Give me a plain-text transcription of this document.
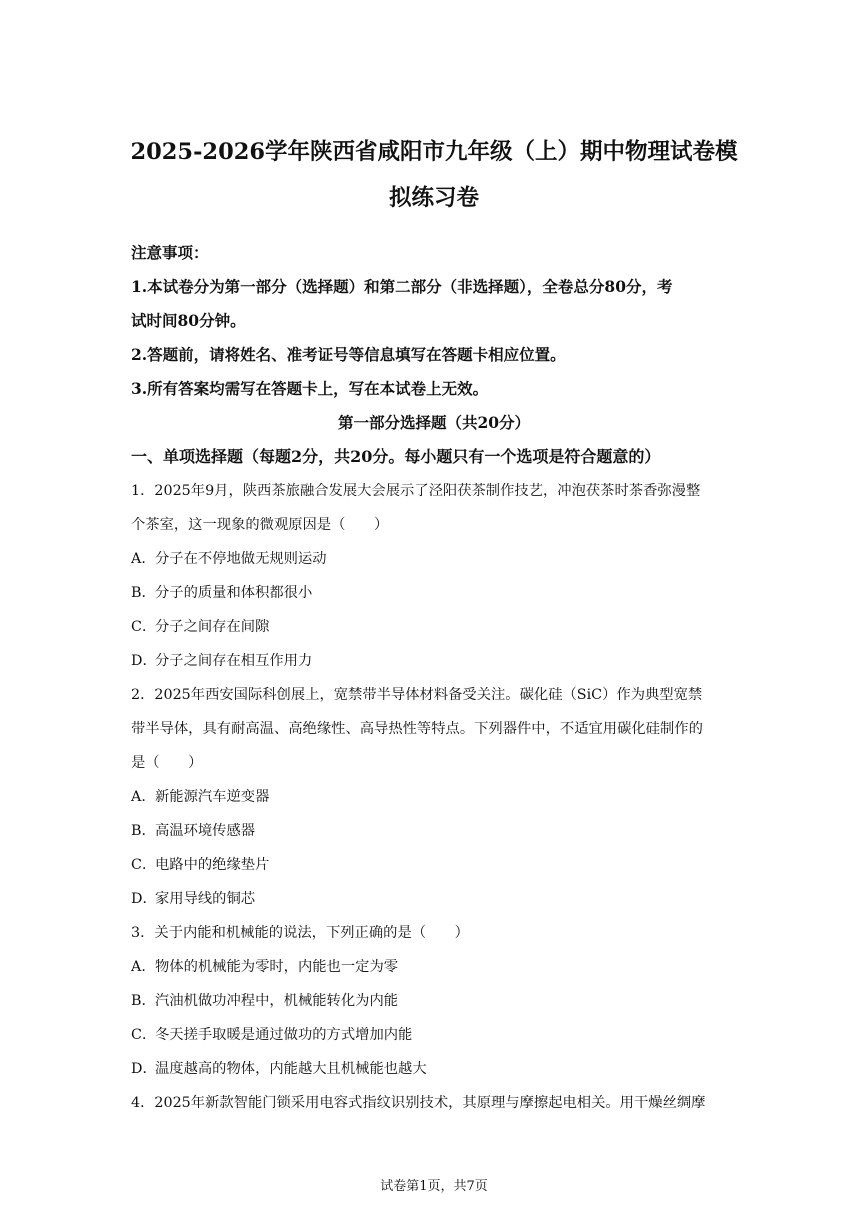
2025-2026学年陕西省咸阳市九年级（上）期中物理试卷模
拟练习卷
注意事项：
1.本试卷分为第一部分（选择题）和第二部分（非选择题），全卷总分80分，考
试时间80分钟。
2.答题前，请将姓名、准考证号等信息填写在答题卡相应位置。
3.所有答案均需写在答题卡上，写在本试卷上无效。
第一部分选择题（共20分）
一、单项选择题（每题2分，共20分。每小题只有一个选项是符合题意的）
1．2025年9月，陕西茶旅融合发展大会展示了泾阳茯茶制作技艺，冲泡茯茶时茶香弥漫整
个茶室，这一现象的微观原因是（　　）
A．分子在不停地做无规则运动
B．分子的质量和体积都很小
C．分子之间存在间隙
D．分子之间存在相互作用力
2．2025年西安国际科创展上，宽禁带半导体材料备受关注。碳化硅（SiC）作为典型宽禁
带半导体，具有耐高温、高绝缘性、高导热性等特点。下列器件中，不适宜用碳化硅制作的
是（　　）
A．新能源汽车逆变器
B．高温环境传感器
C．电路中的绝缘垫片
D．家用导线的铜芯
3．关于内能和机械能的说法，下列正确的是（　　）
A．物体的机械能为零时，内能也一定为零
B．汽油机做功冲程中，机械能转化为内能
C．冬天搓手取暖是通过做功的方式增加内能
D．温度越高的物体，内能越大且机械能也越大
4．2025年新款智能门锁采用电容式指纹识别技术，其原理与摩擦起电相关。用干燥丝绸摩
试卷第1页，共7页
